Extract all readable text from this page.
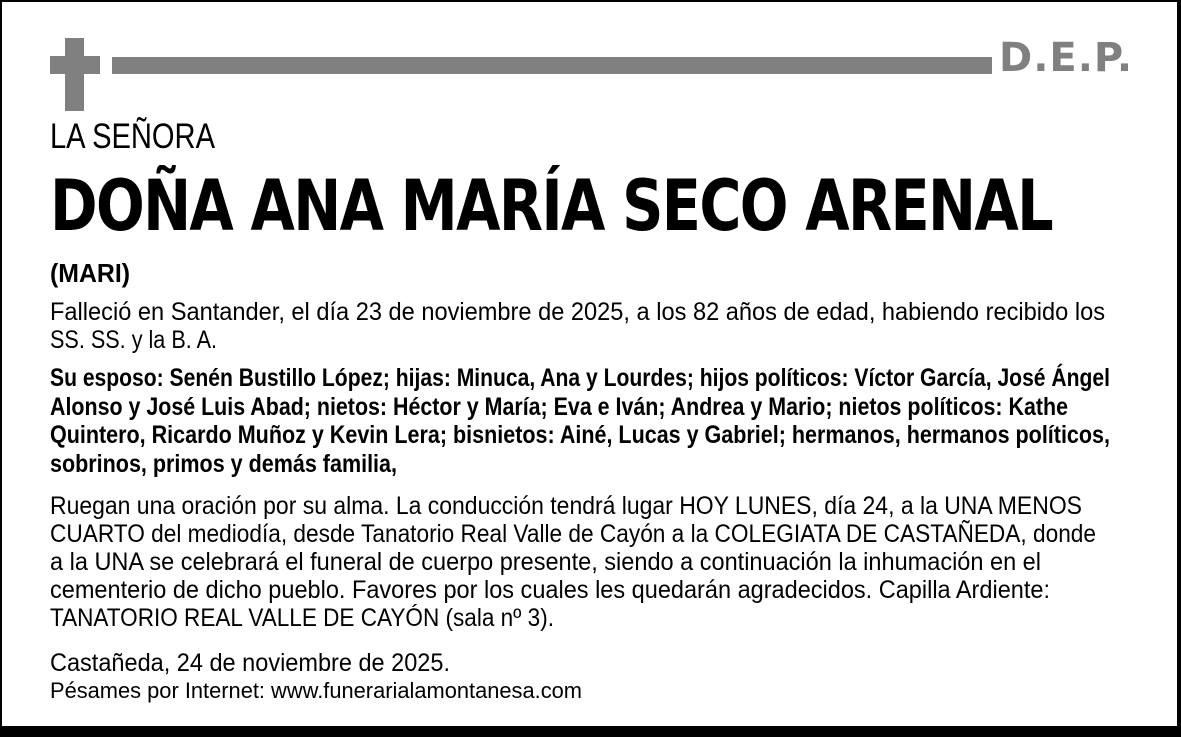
D.E.P.
LA SEÑORA
DOÑA ANA MARÍA SECO ARENAL
(MARI)
Falleció en Santander, el día 23 de noviembre de 2025, a los 82 años de edad, habiendo recibido los
SS. SS. y la B. A.
Su esposo: Senén Bustillo López; hijas: Minuca, Ana y Lourdes; hijos políticos: Víctor García, José Ángel
Alonso y José Luis Abad; nietos: Héctor y María; Eva e Iván; Andrea y Mario; nietos políticos: Kathe
Quintero, Ricardo Muñoz y Kevin Lera; bisnietos: Ainé, Lucas y Gabriel; hermanos, hermanos políticos,
sobrinos, primos y demás familia,
Ruegan una oración por su alma. La conducción tendrá lugar HOY LUNES, día 24, a la UNA MENOS
CUARTO del mediodía, desde Tanatorio Real Valle de Cayón a la COLEGIATA DE CASTAÑEDA, donde
a la UNA se celebrará el funeral de cuerpo presente, siendo a continuación la inhumación en el
cementerio de dicho pueblo. Favores por los cuales les quedarán agradecidos. Capilla Ardiente:
TANATORIO REAL VALLE DE CAYÓN (sala nº 3).
Castañeda, 24 de noviembre de 2025.
Pésames por Internet: www.funerarialamontanesa.com
